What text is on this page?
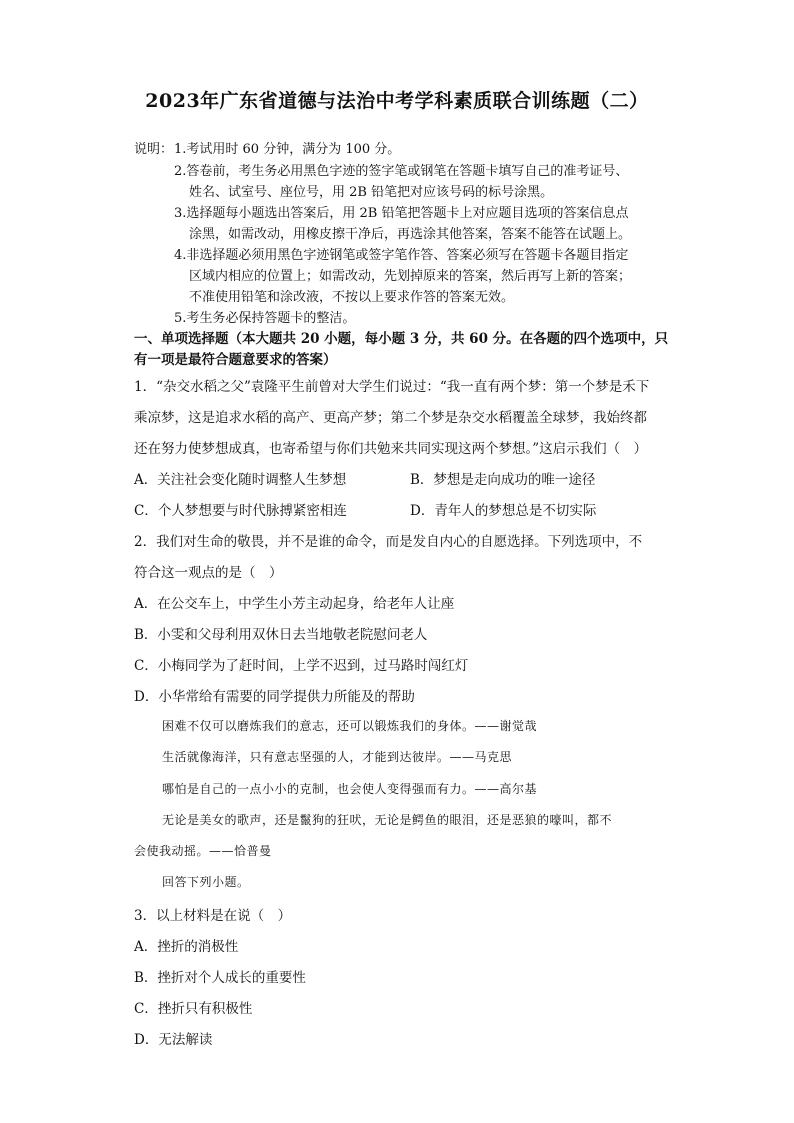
2023年广东省道德与法治中考学科素质联合训练题（二）
说明： 1.考试用时 60 分钟，满分为 100 分。
2.答卷前，考生务必用黑色字迹的签字笔或钢笔在答题卡填写自己的准考证号、
姓名、试室号、座位号，用 2B 铅笔把对应该号码的标号涂黑。
3.选择题每小题选出答案后，用 2B 铅笔把答题卡上对应题目选项的答案信息点
涂黑，如需改动，用橡皮擦干净后，再选涂其他答案，答案不能答在试题上。
4.非选择题必须用黑色字迹钢笔或签字笔作答、答案必须写在答题卡各题目指定
区域内相应的位置上；如需改动，先划掉原来的答案，然后再写上新的答案；
不准使用铅笔和涂改液，不按以上要求作答的答案无效。
5.考生务必保持答题卡的整洁。
一、单项选择题（本大题共 20 小题，每小题 3 分，共 60 分。在各题的四个选项中，只
有一项是最符合题意要求的答案）
1．“杂交水稻之父”袁隆平生前曾对大学生们说过：“我一直有两个梦：第一个梦是禾下
乘凉梦，这是追求水稻的高产、更高产梦；第二个梦是杂交水稻覆盖全球梦，我始终都
还在努力使梦想成真，也寄希望与你们共勉来共同实现这两个梦想。”这启示我们（　）
A．关注社会变化随时调整人生梦想	B．梦想是走向成功的唯一途径
C．个人梦想要与时代脉搏紧密相连	D．青年人的梦想总是不切实际
2．我们对生命的敬畏，并不是谁的命令，而是发自内心的自愿选择。下列选项中，不
符合这一观点的是（　）
A．在公交车上，中学生小芳主动起身，给老年人让座
B．小雯和父母利用双休日去当地敬老院慰问老人
C．小梅同学为了赶时间，上学不迟到，过马路时闯红灯
D．小华常给有需要的同学提供力所能及的帮助
困难不仅可以磨炼我们的意志，还可以锻炼我们的身体。——谢觉哉
生活就像海洋，只有意志坚强的人，才能到达彼岸。——马克思
哪怕是自己的一点小小的克制，也会使人变得强而有力。——高尔基
无论是美女的歌声，还是鬣狗的狂吠，无论是鳄鱼的眼泪，还是恶狼的嚎叫，都不
会使我动摇。——恰普曼
回答下列小题。
3．以上材料是在说（　）
A．挫折的消极性
B．挫折对个人成长的重要性
C．挫折只有积极性
D．无法解读
